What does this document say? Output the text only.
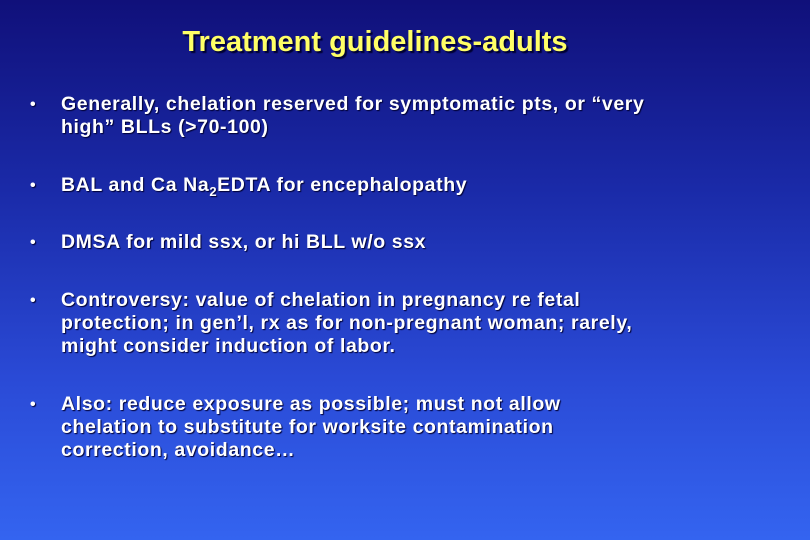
Treatment guidelines-adults
•	Generally, chelation reserved for symptomatic pts, or “very high” BLLs (>70-100)
•	BAL and Ca $Na_2EDTA$ for encephalopathy
•	DMSA for mild ssx, or hi BLL w/o ssx
•	Controversy: value of chelation in pregnancy re fetal protection; in gen’l, rx as for non-pregnant woman; rarely, might consider induction of labor.
•	Also: reduce exposure as possible; must not allow chelation to substitute for worksite contamination correction, avoidance…
